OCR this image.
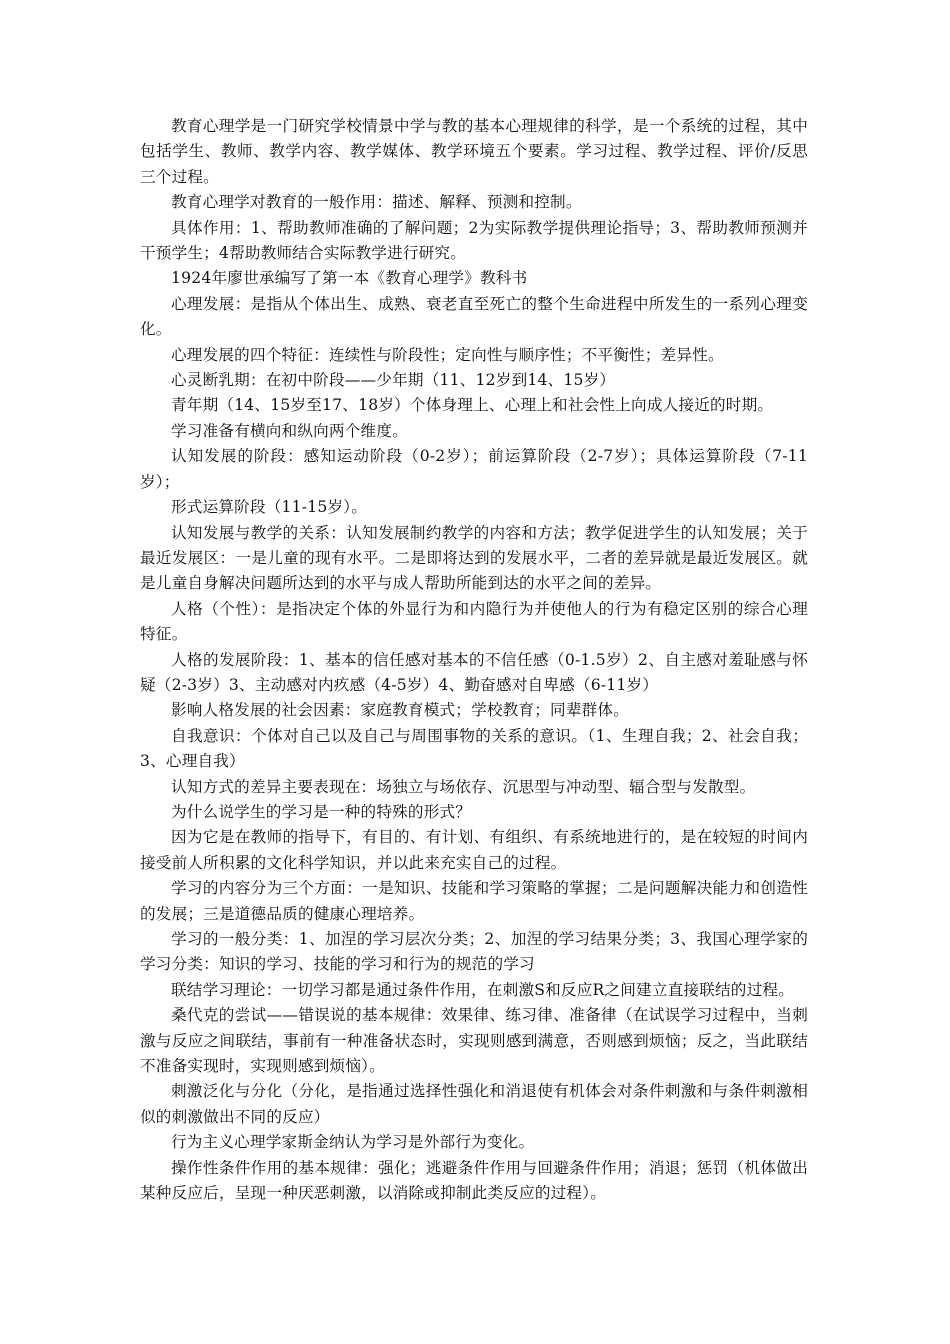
教育心理学是一门研究学校情景中学与教的基本心理规律的科学，是一个系统的过程，其中包括学生、教师、教学内容、教学媒体、教学环境五个要素。学习过程、教学过程、评价/反思三个过程。

教育心理学对教育的一般作用：描述、解释、预测和控制。

具体作用：1、帮助教师准确的了解问题；2为实际教学提供理论指导；3、帮助教师预测并干预学生；4帮助教师结合实际教学进行研究。

1924年廖世承编写了第一本《教育心理学》教科书

心理发展：是指从个体出生、成熟、衰老直至死亡的整个生命进程中所发生的一系列心理变化。

心理发展的四个特征：连续性与阶段性；定向性与顺序性；不平衡性；差异性。

心灵断乳期：在初中阶段——少年期（11、12岁到14、15岁）

青年期（14、15岁至17、18岁）个体身理上、心理上和社会性上向成人接近的时期。

学习准备有横向和纵向两个维度。

认知发展的阶段：感知运动阶段（0-2岁）；前运算阶段（2-7岁）；具体运算阶段（7-11岁）；

形式运算阶段（11-15岁）。

认知发展与教学的关系：认知发展制约教学的内容和方法；教学促进学生的认知发展；关于最近发展区：一是儿童的现有水平。二是即将达到的发展水平，二者的差异就是最近发展区。就是儿童自身解决问题所达到的水平与成人帮助所能到达的水平之间的差异。

人格（个性）：是指决定个体的外显行为和内隐行为并使他人的行为有稳定区别的综合心理特征。

人格的发展阶段：1、基本的信任感对基本的不信任感（0-1.5岁）2、自主感对羞耻感与怀疑（2-3岁）3、主动感对内疚感（4-5岁）4、勤奋感对自卑感（6-11岁）

影响人格发展的社会因素：家庭教育模式；学校教育；同辈群体。

自我意识：个体对自己以及自己与周围事物的关系的意识。（1、生理自我；2、社会自我；3、心理自我）

认知方式的差异主要表现在：场独立与场依存、沉思型与冲动型、辐合型与发散型。

为什么说学生的学习是一种的特殊的形式？

因为它是在教师的指导下，有目的、有计划、有组织、有系统地进行的，是在较短的时间内接受前人所积累的文化科学知识，并以此来充实自己的过程。

学习的内容分为三个方面：一是知识、技能和学习策略的掌握；二是问题解决能力和创造性的发展；三是道德品质的健康心理培养。

学习的一般分类：1、加涅的学习层次分类；2、加涅的学习结果分类；3、我国心理学家的学习分类：知识的学习、技能的学习和行为的规范的学习

联结学习理论：一切学习都是通过条件作用，在刺激S和反应R之间建立直接联结的过程。

桑代克的尝试——错误说的基本规律：效果律、练习律、准备律（在试误学习过程中，当刺激与反应之间联结，事前有一种准备状态时，实现则感到满意，否则感到烦恼；反之，当此联结不准备实现时，实现则感到烦恼）。

刺激泛化与分化（分化，是指通过选择性强化和消退使有机体会对条件刺激和与条件刺激相似的刺激做出不同的反应）

行为主义心理学家斯金纳认为学习是外部行为变化。

操作性条件作用的基本规律：强化；逃避条件作用与回避条件作用；消退；惩罚（机体做出某种反应后，呈现一种厌恶刺激，以消除或抑制此类反应的过程）。
